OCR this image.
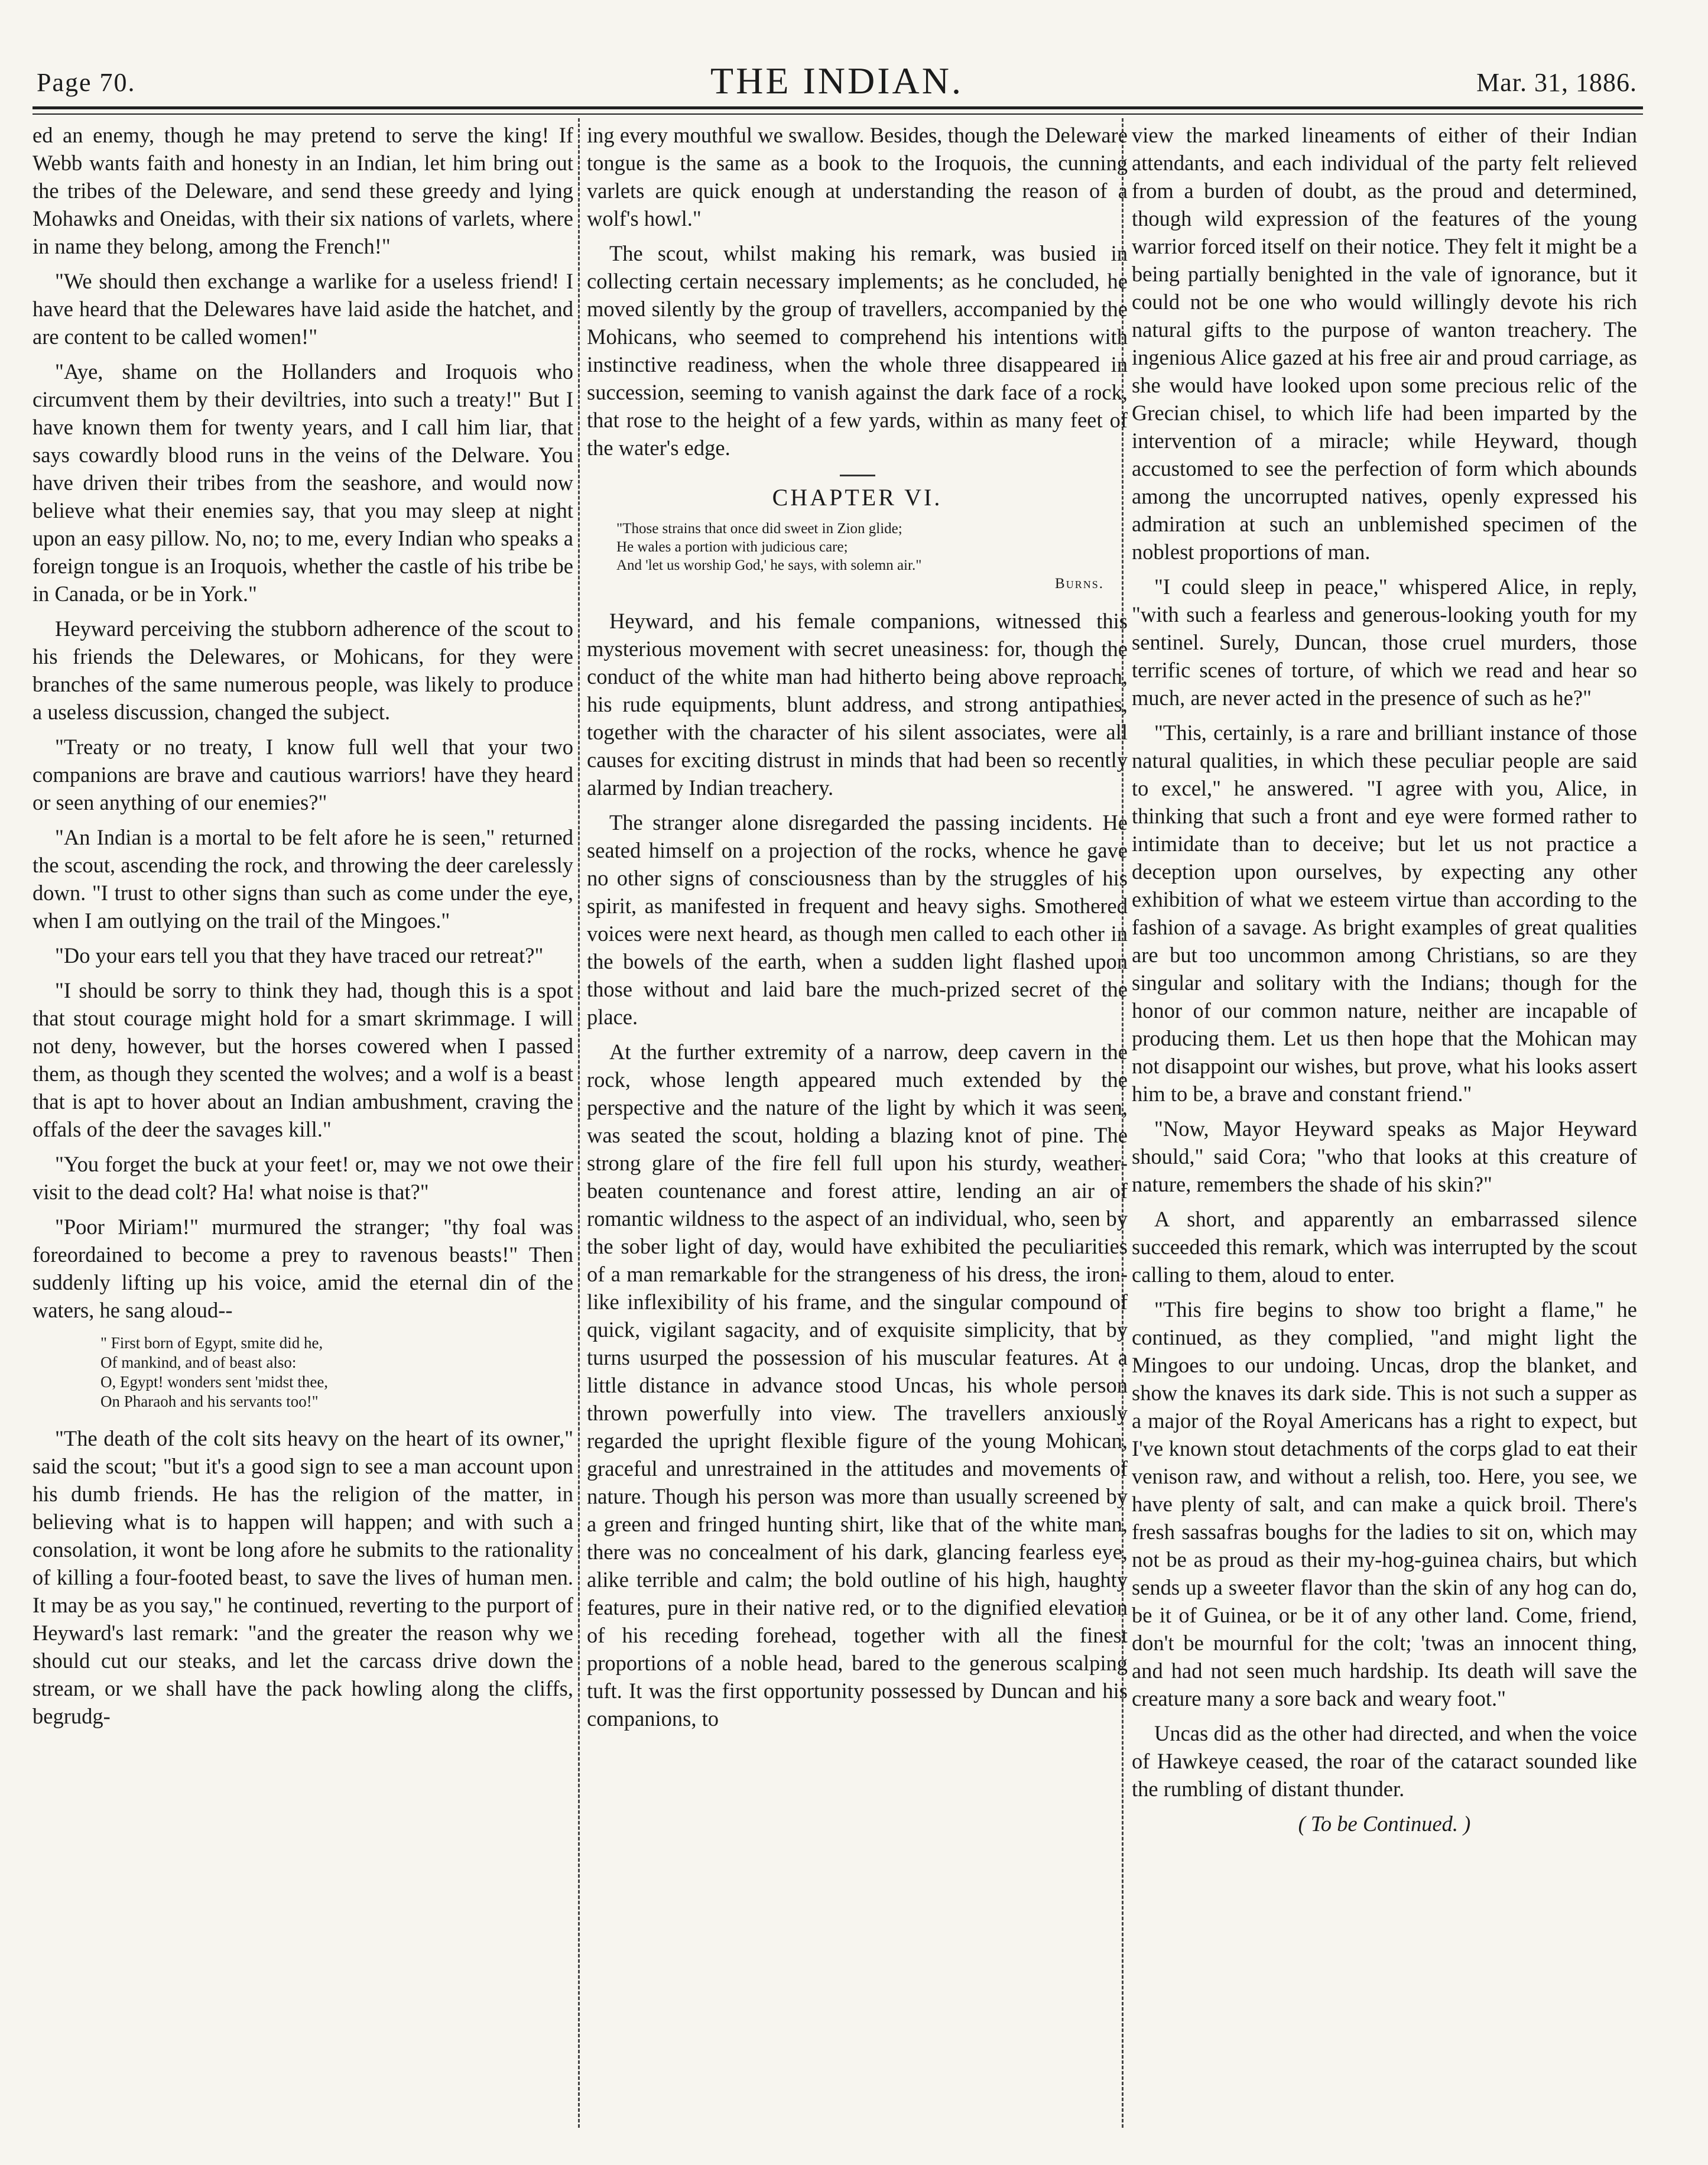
Page 70.	THE INDIAN.	Mar. 31, 1886.

ed an enemy, though he may pretend to serve the king! If Webb wants faith and honesty in an Indian, let him bring out the tribes of the Deleware, and send these greedy and lying Mohawks and Oneidas, with their six nations of varlets, where in name they belong, among the French!"

"We should then exchange a warlike for a useless friend! I have heard that the Delewares have laid aside the hatchet, and are content to be called women!"

"Aye, shame on the Hollanders and Iroquois who circumvent them by their deviltries, into such a treaty!" But I have known them for twenty years, and I call him liar, that says cowardly blood runs in the veins of the Delware. You have driven their tribes from the seashore, and would now believe what their enemies say, that you may sleep at night upon an easy pillow. No, no; to me, every Indian who speaks a foreign tongue is an Iroquois, whether the castle of his tribe be in Canada, or be in York."

Heyward perceiving the stubborn adherence of the scout to his friends the Delewares, or Mohicans, for they were branches of the same numerous people, was likely to produce a useless discussion, changed the subject.

"Treaty or no treaty, I know full well that your two companions are brave and cautious warriors! have they heard or seen anything of our enemies?"

"An Indian is a mortal to be felt afore he is seen," returned the scout, ascending the rock, and throwing the deer carelessly down. "I trust to other signs than such as come under the eye, when I am outlying on the trail of the Mingoes."

"Do your ears tell you that they have traced our retreat?"

"I should be sorry to think they had, though this is a spot that stout courage might hold for a smart skrimmage. I will not deny, however, but the horses cowered when I passed them, as though they scented the wolves; and a wolf is a beast that is apt to hover about an Indian ambushment, craving the offals of the deer the savages kill."

"You forget the buck at your feet! or, may we not owe their visit to the dead colt? Ha! what noise is that?"

"Poor Miriam!" murmured the stranger; "thy foal was foreordained to become a prey to ravenous beasts!" Then suddenly lifting up his voice, amid the eternal din of the waters, he sang aloud--

" First born of Egypt, smite did he,
Of mankind, and of beast also:
O, Egypt! wonders sent 'midst thee,
On Pharaoh and his servants too!"

"The death of the colt sits heavy on the heart of its owner," said the scout; "but it's a good sign to see a man account upon his dumb friends. He has the religion of the matter, in believing what is to happen will happen; and with such a consolation, it wont be long afore he submits to the rationality of killing a four-footed beast, to save the lives of human men. It may be as you say," he continued, reverting to the purport of Heyward's last remark: "and the greater the reason why we should cut our steaks, and let the carcass drive down the stream, or we shall have the pack howling along the cliffs, begrudg-

ing every mouthful we swallow. Besides, though the Deleware tongue is the same as a book to the Iroquois, the cunning varlets are quick enough at understanding the reason of a wolf's howl."

The scout, whilst making his remark, was busied in collecting certain necessary implements; as he concluded, he moved silently by the group of travellers, accompanied by the Mohicans, who seemed to comprehend his intentions with instinctive readiness, when the whole three disappeared in succession, seeming to vanish against the dark face of a rock, that rose to the height of a few yards, within as many feet of the water's edge.

CHAPTER VI.
"Those strains that once did sweet in Zion glide;
He wales a portion with judicious care;
And 'let us worship God,' he says, with solemn air."
Burns.

Heyward, and his female companions, witnessed this mysterious movement with secret uneasiness: for, though the conduct of the white man had hitherto being above reproach, his rude equipments, blunt address, and strong antipathies, together with the character of his silent associates, were all causes for exciting distrust in minds that had been so recently alarmed by Indian treachery.

The stranger alone disregarded the passing incidents. He seated himself on a projection of the rocks, whence he gave no other signs of consciousness than by the struggles of his spirit, as manifested in frequent and heavy sighs. Smothered voices were next heard, as though men called to each other in the bowels of the earth, when a sudden light flashed upon those without and laid bare the much-prized secret of the place.

At the further extremity of a narrow, deep cavern in the rock, whose length appeared much extended by the perspective and the nature of the light by which it was seen, was seated the scout, holding a blazing knot of pine. The strong glare of the fire fell full upon his sturdy, weather-beaten countenance and forest attire, lending an air of romantic wildness to the aspect of an individual, who, seen by the sober light of day, would have exhibited the peculiarities of a man remarkable for the strangeness of his dress, the iron-like inflexibility of his frame, and the singular compound of quick, vigilant sagacity, and of exquisite simplicity, that by turns usurped the possession of his muscular features. At a little distance in advance stood Uncas, his whole person thrown powerfully into view. The travellers anxiously regarded the upright flexible figure of the young Mohican, graceful and unrestrained in the attitudes and movements of nature. Though his person was more than usually screened by a green and fringed hunting shirt, like that of the white man, there was no concealment of his dark, glancing fearless eye, alike terrible and calm; the bold outline of his high, haughty features, pure in their native red, or to the dignified elevation of his receding forehead, together with all the finest proportions of a noble head, bared to the generous scalping tuft. It was the first opportunity possessed by Duncan and his companions, to

view the marked lineaments of either of their Indian attendants, and each individual of the party felt relieved from a burden of doubt, as the proud and determined, though wild expression of the features of the young warrior forced itself on their notice. They felt it might be a being partially benighted in the vale of ignorance, but it could not be one who would willingly devote his rich natural gifts to the purpose of wanton treachery. The ingenious Alice gazed at his free air and proud carriage, as she would have looked upon some precious relic of the Grecian chisel, to which life had been imparted by the intervention of a miracle; while Heyward, though accustomed to see the perfection of form which abounds among the uncorrupted natives, openly expressed his admiration at such an unblemished specimen of the noblest proportions of man.

"I could sleep in peace," whispered Alice, in reply, "with such a fearless and generous-looking youth for my sentinel. Surely, Duncan, those cruel murders, those terrific scenes of torture, of which we read and hear so much, are never acted in the presence of such as he?"

"This, certainly, is a rare and brilliant instance of those natural qualities, in which these peculiar people are said to excel," he answered. "I agree with you, Alice, in thinking that such a front and eye were formed rather to intimidate than to deceive; but let us not practice a deception upon ourselves, by expecting any other exhibition of what we esteem virtue than according to the fashion of a savage. As bright examples of great qualities are but too uncommon among Christians, so are they singular and solitary with the Indians; though for the honor of our common nature, neither are incapable of producing them. Let us then hope that the Mohican may not disappoint our wishes, but prove, what his looks assert him to be, a brave and constant friend."

"Now, Mayor Heyward speaks as Major Heyward should," said Cora; "who that looks at this creature of nature, remembers the shade of his skin?"

A short, and apparently an embarrassed silence succeeded this remark, which was interrupted by the scout calling to them, aloud to enter.

"This fire begins to show too bright a flame," he continued, as they complied, "and might light the Mingoes to our undoing. Uncas, drop the blanket, and show the knaves its dark side. This is not such a supper as a major of the Royal Americans has a right to expect, but I've known stout detachments of the corps glad to eat their venison raw, and without a relish, too. Here, you see, we have plenty of salt, and can make a quick broil. There's fresh sassafras boughs for the ladies to sit on, which may not be as proud as their my-hog-guinea chairs, but which sends up a sweeter flavor than the skin of any hog can do, be it of Guinea, or be it of any other land. Come, friend, don't be mournful for the colt; 'twas an innocent thing, and had not seen much hardship. Its death will save the creature many a sore back and weary foot."

Uncas did as the other had directed, and when the voice of Hawkeye ceased, the roar of the cataract sounded like the rumbling of distant thunder.

( To be Continued. )
